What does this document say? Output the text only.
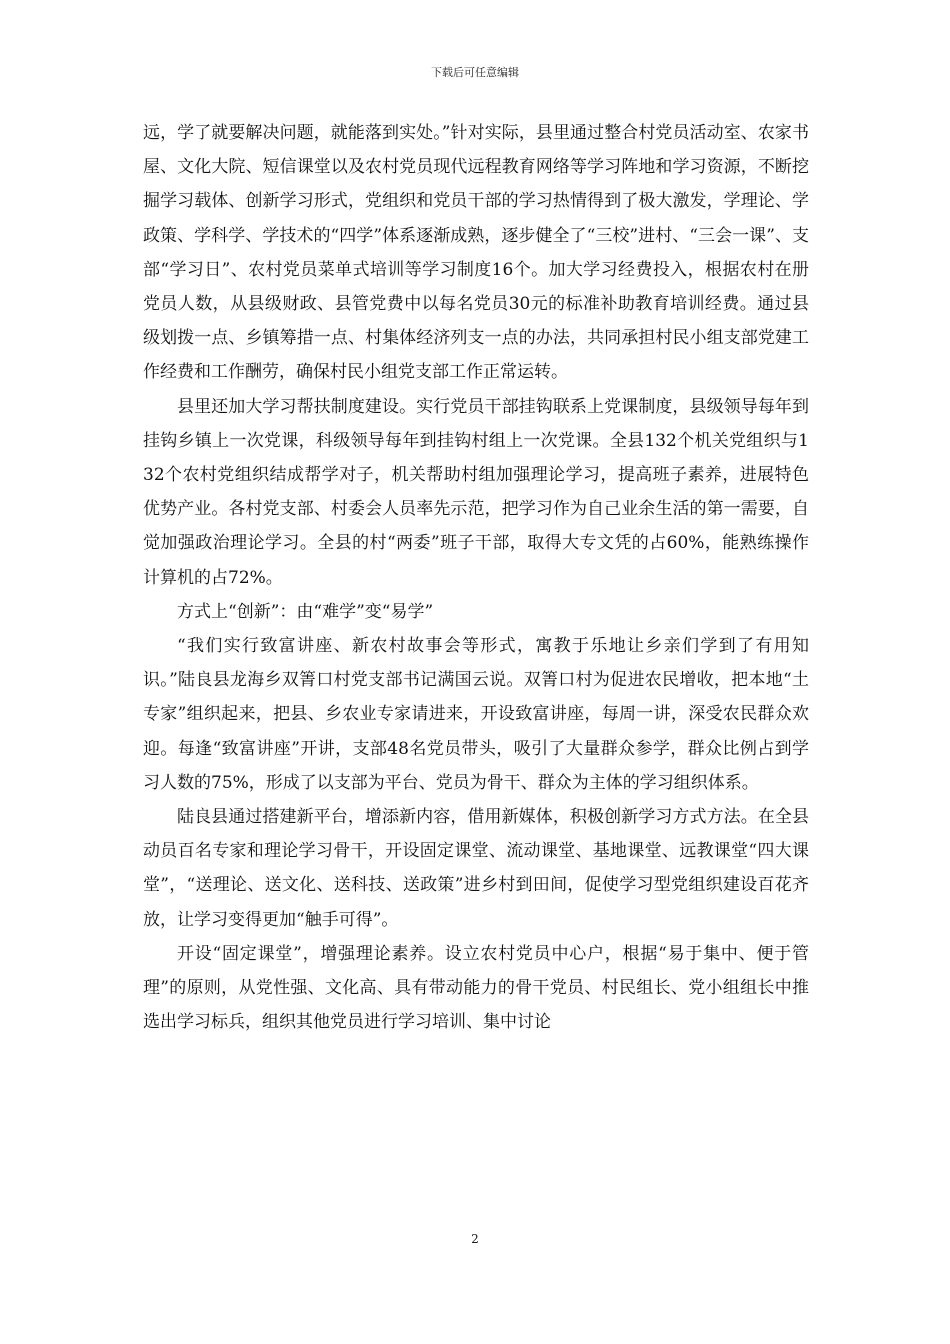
下载后可任意编辑

远，学了就要解决问题，就能落到实处。”针对实际，县里通过整合村党员活动室、农家书屋、文化大院、短信课堂以及农村党员现代远程教育网络等学习阵地和学习资源，不断挖掘学习载体、创新学习形式，党组织和党员干部的学习热情得到了极大激发，学理论、学政策、学科学、学技术的“四学”体系逐渐成熟，逐步健全了“三校”进村、“三会一课”、支部“学习日”、农村党员菜单式培训等学习制度16个。加大学习经费投入，根据农村在册党员人数，从县级财政、县管党费中以每名党员30元的标准补助教育培训经费。通过县级划拨一点、乡镇筹措一点、村集体经济列支一点的办法，共同承担村民小组支部党建工作经费和工作酬劳，确保村民小组党支部工作正常运转。

县里还加大学习帮扶制度建设。实行党员干部挂钩联系上党课制度，县级领导每年到挂钩乡镇上一次党课，科级领导每年到挂钩村组上一次党课。全县132个机关党组织与132个农村党组织结成帮学对子，机关帮助村组加强理论学习，提高班子素养，进展特色优势产业。各村党支部、村委会人员率先示范，把学习作为自己业余生活的第一需要，自觉加强政治理论学习。全县的村“两委”班子干部，取得大专文凭的占60%，能熟练操作计算机的占72%。

方式上“创新”：由“难学”变“易学”

“我们实行致富讲座、新农村故事会等形式，寓教于乐地让乡亲们学到了有用知识。”陆良县龙海乡双箐口村党支部书记满国云说。双箐口村为促进农民增收，把本地“土专家”组织起来，把县、乡农业专家请进来，开设致富讲座，每周一讲，深受农民群众欢迎。每逢“致富讲座”开讲，支部48名党员带头，吸引了大量群众参学，群众比例占到学习人数的75%，形成了以支部为平台、党员为骨干、群众为主体的学习组织体系。

陆良县通过搭建新平台，增添新内容，借用新媒体，积极创新学习方式方法。在全县动员百名专家和理论学习骨干，开设固定课堂、流动课堂、基地课堂、远教课堂“四大课堂”，“送理论、送文化、送科技、送政策”进乡村到田间，促使学习型党组织建设百花齐放，让学习变得更加“触手可得”。

开设“固定课堂”，增强理论素养。设立农村党员中心户，根据“易于集中、便于管理”的原则，从党性强、文化高、具有带动能力的骨干党员、村民组长、党小组组长中推选出学习标兵，组织其他党员进行学习培训、集中讨论

2
